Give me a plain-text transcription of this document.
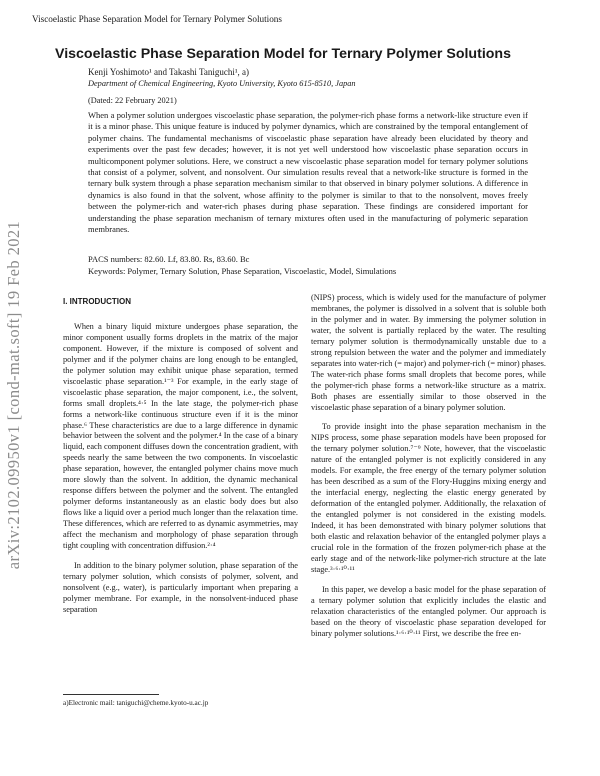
Viscoelastic Phase Separation Model for Ternary Polymer Solutions
arXiv:2102.09950v1 [cond-mat.soft] 19 Feb 2021
Viscoelastic Phase Separation Model for Ternary Polymer Solutions
Kenji Yoshimoto¹ and Takashi Taniguchi¹, a)
Department of Chemical Engineering, Kyoto University, Kyoto 615-8510, Japan
(Dated: 22 February 2021)

When a polymer solution undergoes viscoelastic phase separation, the polymer-rich phase forms a network-like structure even if it is a minor phase. This unique feature is induced by polymer dynamics, which are constrained by the temporal entanglement of polymer chains. The fundamental mechanisms of viscoelastic phase separation have already been elucidated by theory and experiments over the past few decades; however, it is not yet well understood how viscoelastic phase separation occurs in multicomponent polymer solutions. Here, we construct a new viscoelastic phase separation model for ternary polymer solutions that consist of a polymer, solvent, and nonsolvent. Our simulation results reveal that a network-like structure is formed in the ternary bulk system through a phase separation mechanism similar to that observed in binary polymer solutions. A difference in dynamics is also found in that the solvent, whose affinity to the polymer is similar to that to the nonsolvent, moves freely between the polymer-rich and water-rich phases during phase separation. These findings are considered important for understanding the phase separation mechanism of ternary mixtures often used in the manufacturing of polymeric separation membranes.

PACS numbers: 82.60. Lf, 83.80. Rs, 83.60. Bc
Keywords: Polymer, Ternary Solution, Phase Separation, Viscoelastic, Model, Simulations
I. INTRODUCTION

When a binary liquid mixture undergoes phase separation, the minor component usually forms droplets in the matrix of the major component. However, if the mixture is composed of solvent and polymer and if the polymer chains are long enough to be entangled, the polymer solution may exhibit unique phase separation, termed viscoelastic phase separation.¹⁻³ For example, in the early stage of viscoelastic phase separation, the major component, i.e., the solvent, forms small droplets.⁴·⁵ In the late stage, the polymer-rich phase forms a network-like continuous structure even if it is the minor phase.⁶ These characteristics are due to a large difference in dynamic behavior between the solvent and the polymer.⁴ In the case of a binary liquid, each component diffuses down the concentration gradient, with speeds nearly the same between the two components. In viscoelastic phase separation, however, the entangled polymer chains move much more slowly than the solvent. In addition, the dynamic mechanical response differs between the polymer and the solvent. The entangled polymer deforms instantaneously as an elastic body does but also flows like a liquid over a period much longer than the relaxation time. These differences, which are referred to as dynamic asymmetries, may affect the mechanism and morphology of phase separation through tight coupling with concentration diffusion.²·⁴

In addition to the binary polymer solution, phase separation of the ternary polymer solution, which consists of polymer, solvent, and nonsolvent (e.g., water), is particularly important when preparing a polymer membrane. For example, in the nonsolvent-induced phase separation

(NIPS) process, which is widely used for the manufacture of polymer membranes, the polymer is dissolved in a solvent that is soluble both in the polymer and in water. By immersing the polymer solution in water, the solvent is partially replaced by the water. The resulting ternary polymer solution is thermodynamically unstable due to a strong repulsion between the water and the polymer and immediately separates into water-rich (= major) and polymer-rich (= minor) phases. The water-rich phase forms small droplets that become pores, while the polymer-rich phase forms a network-like structure as a matrix. Both phases are essentially similar to those observed in the viscoelastic phase separation of a binary polymer solution.

To provide insight into the phase separation mechanism in the NIPS process, some phase separation models have been proposed for the ternary polymer solution.⁷⁻⁹ Note, however, that the viscoelastic nature of the entangled polymer is not explicitly considered in any models. For example, the free energy of the ternary polymer solution has been described as a sum of the Flory-Huggins mixing energy and the interfacial energy, neglecting the elastic energy generated by deformation of the entangled polymer. Additionally, the relaxation of the entangled polymer is not considered in the existing models. Indeed, it has been demonstrated with binary polymer solutions that both elastic and relaxation behavior of the entangled polymer plays a crucial role in the formation of the frozen polymer-rich phase at the early stage and of the network-like polymer-rich structure at the late stage.³·⁶·¹⁰·¹¹

In this paper, we develop a basic model for the phase separation of a ternary polymer solution that explicitly includes the elastic and relaxation characteristics of the entangled polymer. Our approach is based on the theory of viscoelastic phase separation developed for binary polymer solutions.¹·⁶·¹⁰·¹¹ First, we describe the free en-

a)Electronic mail: taniguchi@cheme.kyoto-u.ac.jp
